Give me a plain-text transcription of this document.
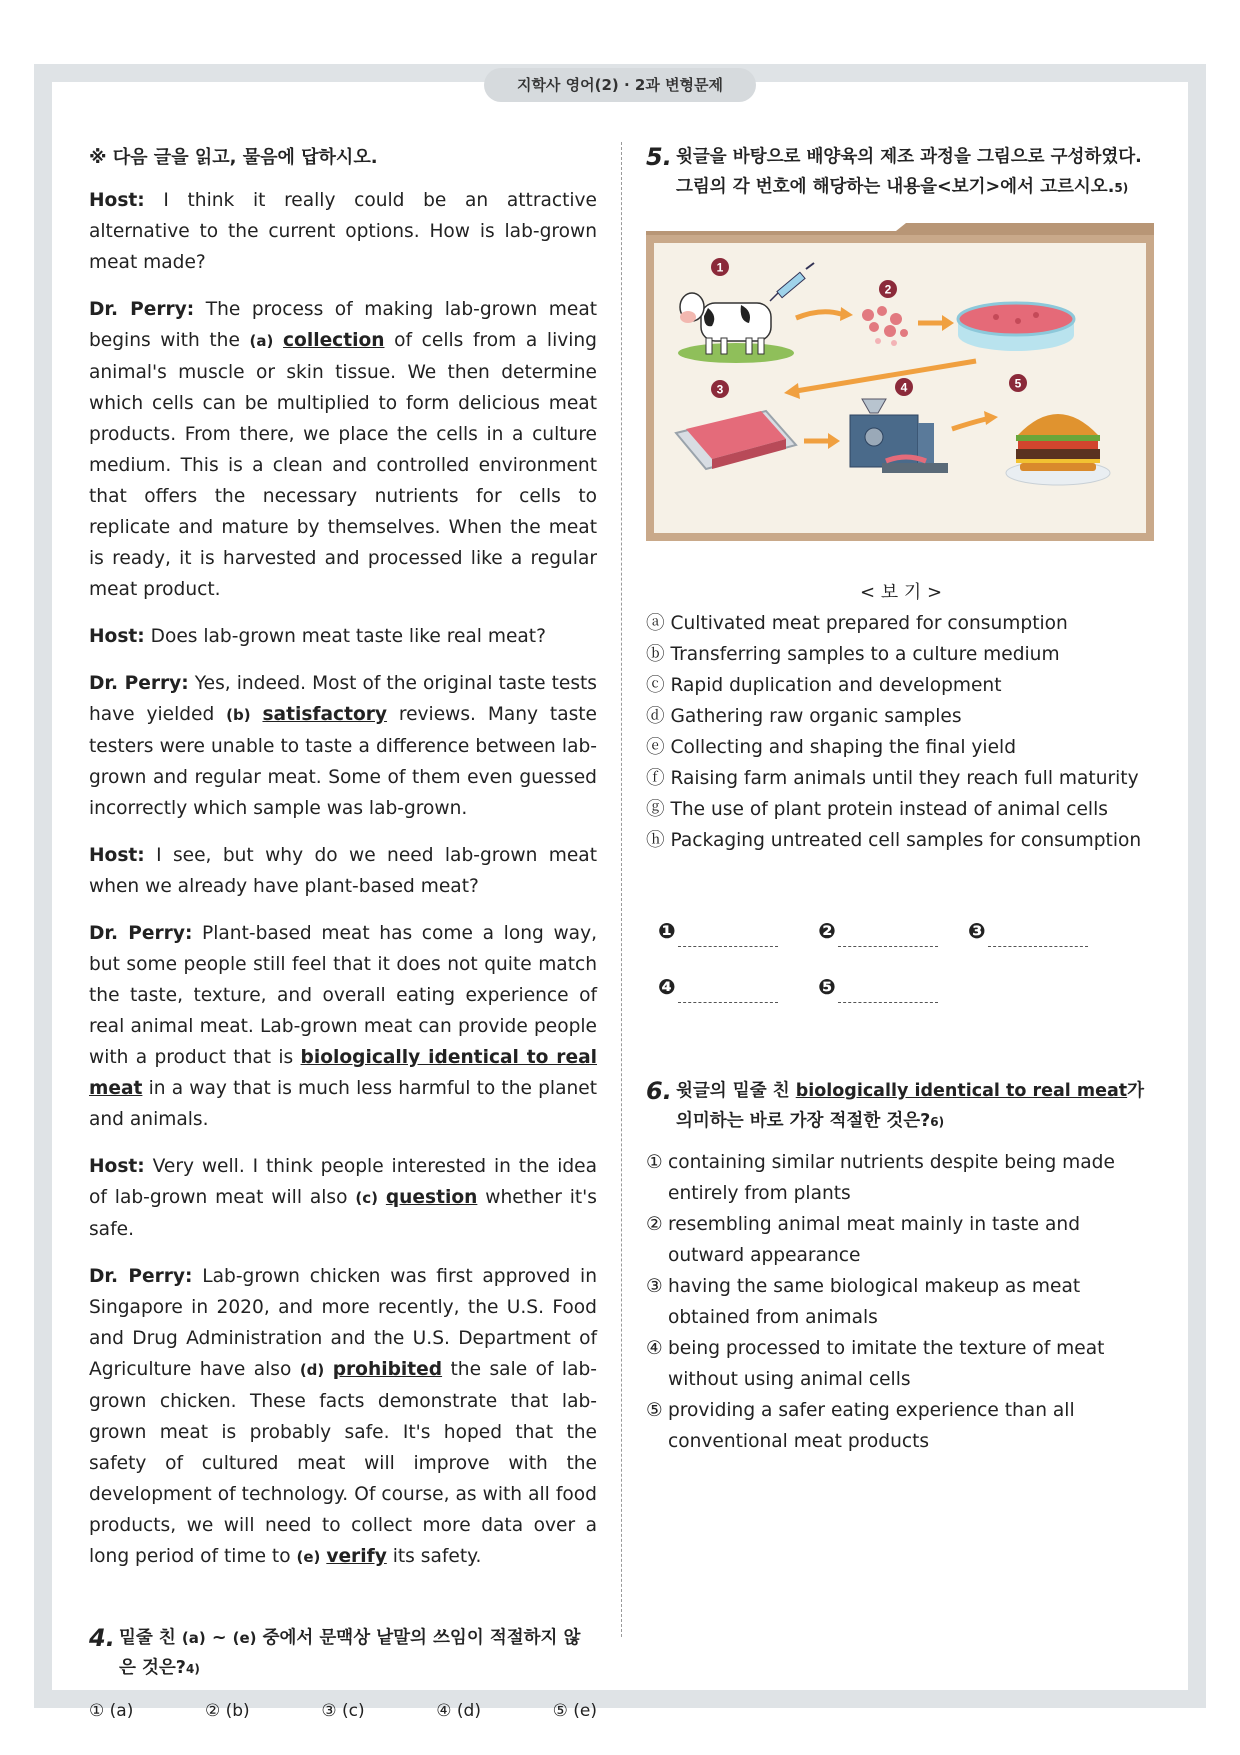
지학사 영어(2) · 2과 변형문제

※ 다음 글을 읽고, 물음에 답하시오.

Host: I think it really could be an attractive alternative to the current options. How is lab-grown meat made?

Dr. Perry: The process of making lab-grown meat begins with the (a) collection of cells from a living animal's muscle or skin tissue. We then determine which cells can be multiplied to form delicious meat products. From there, we place the cells in a culture medium. This is a clean and controlled environment that offers the necessary nutrients for cells to replicate and mature by themselves. When the meat is ready, it is harvested and processed like a regular meat product.

Host: Does lab-grown meat taste like real meat?

Dr. Perry: Yes, indeed. Most of the original taste tests have yielded (b) satisfactory reviews. Many taste testers were unable to taste a difference between lab-grown and regular meat. Some of them even guessed incorrectly which sample was lab-grown.

Host: I see, but why do we need lab-grown meat when we already have plant-based meat?

Dr. Perry: Plant-based meat has come a long way, but some people still feel that it does not quite match the taste, texture, and overall eating experience of real animal meat. Lab-grown meat can provide people with a product that is biologically identical to real meat in a way that is much less harmful to the planet and animals.

Host: Very well. I think people interested in the idea of lab-grown meat will also (c) question whether it's safe.

Dr. Perry: Lab-grown chicken was first approved in Singapore in 2020, and more recently, the U.S. Food and Drug Administration and the U.S. Department of Agriculture have also (d) prohibited the sale of lab-grown chicken. These facts demonstrate that lab-grown meat is probably safe. It's hoped that the safety of cultured meat will improve with the development of technology. Of course, as with all food products, we will need to collect more data over a long period of time to (e) verify its safety.

4. 밑줄 친 (a) ~ (e) 중에서 문맥상 낱말의 쓰임이 적절하지 않은 것은?4)
① (a)	② (b)	③ (c)	④ (d)	⑤ (e)
5. 윗글을 바탕으로 배양육의 제조 과정을 그림으로 구성하였다. 그림의 각 번호에 해당하는 내용을<보기>에서 고르시오.5)
1
2
3	4	5
< 보 기 >

ⓐ Cultivated meat prepared for consumption

ⓑ Transferring samples to a culture medium

ⓒ Rapid duplication and development

ⓓ Gathering raw organic samples

ⓔ Collecting and shaping the final yield

ⓕ Raising farm animals until they reach full maturity

ⓖ The use of plant protein instead of animal cells

ⓗ Packaging untreated cell samples for consumption

❶	❷	❸
❹	❺
6. 윗글의 밑줄 친 biologically identical to real meat가 의미하는 바로 가장 적절한 것은?6)
① containing similar nutrients despite being made entirely from plants
② resembling animal meat mainly in taste and outward appearance
③ having the same biological makeup as meat obtained from animals
④ being processed to imitate the texture of meat without using animal cells
⑤ providing a safer eating experience than all conventional meat products
